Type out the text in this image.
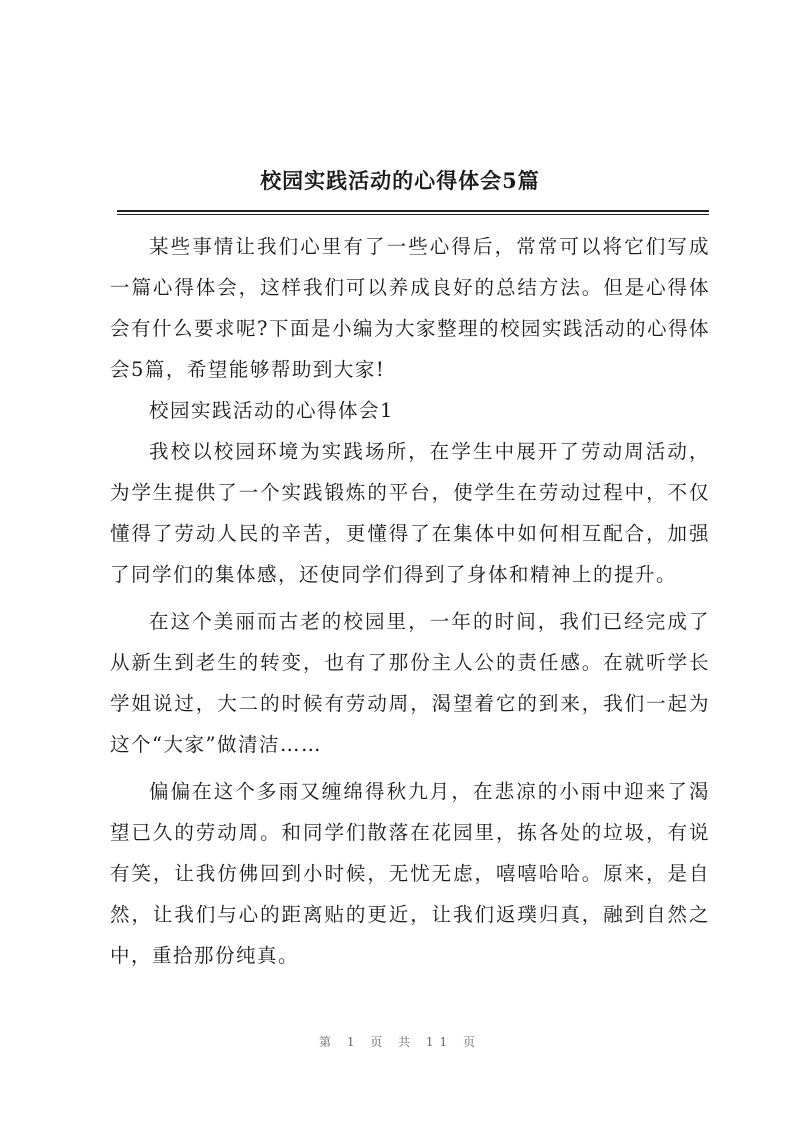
校园实践活动的心得体会5篇

某些事情让我们心里有了一些心得后，常常可以将它们写成一篇心得体会，这样我们可以养成良好的总结方法。但是心得体会有什么要求呢?下面是小编为大家整理的校园实践活动的心得体会5篇，希望能够帮助到大家!

校园实践活动的心得体会1

我校以校园环境为实践场所，在学生中展开了劳动周活动，为学生提供了一个实践锻炼的平台，使学生在劳动过程中，不仅懂得了劳动人民的辛苦，更懂得了在集体中如何相互配合，加强了同学们的集体感，还使同学们得到了身体和精神上的提升。

在这个美丽而古老的校园里，一年的时间，我们已经完成了从新生到老生的转变，也有了那份主人公的责任感。在就听学长学姐说过，大二的时候有劳动周，渴望着它的到来，我们一起为这个“大家”做清洁……

偏偏在这个多雨又缠绵得秋九月，在悲凉的小雨中迎来了渴望已久的劳动周。和同学们散落在花园里，拣各处的垃圾，有说有笑，让我仿佛回到小时候，无忧无虑，嘻嘻哈哈。原来，是自然，让我们与心的距离贴的更近，让我们返璞归真，融到自然之中，重拾那份纯真。

第 1 页 共 11 页
